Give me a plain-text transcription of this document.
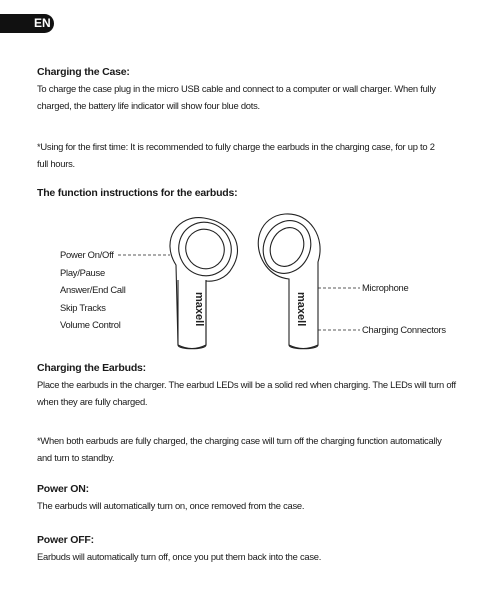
EN
Charging the Case:
To charge the case plug in the micro USB cable and connect to a computer or wall charger. When fully
charged, the battery life indicator will show four blue dots.
*Using for the first time: It is recommended to fully charge the earbuds in the charging case, for up to 2
full hours.
The function instructions for the earbuds:
maxell	maxell
Power On/Off
Play/Pause
Answer/End Call
Skip Tracks
Volume Control
Microphone
Charging Connectors
Charging the Earbuds:
Place the earbuds in the charger. The earbud LEDs will be a solid red when charging. The LEDs will turn off
when they are fully charged.
*When both earbuds are fully charged, the charging case will turn off the charging function automatically
and turn to standby.
Power ON:
The earbuds will automatically turn on, once removed from the case.
Power OFF:
Earbuds will automatically turn off, once you put them back into the case.
